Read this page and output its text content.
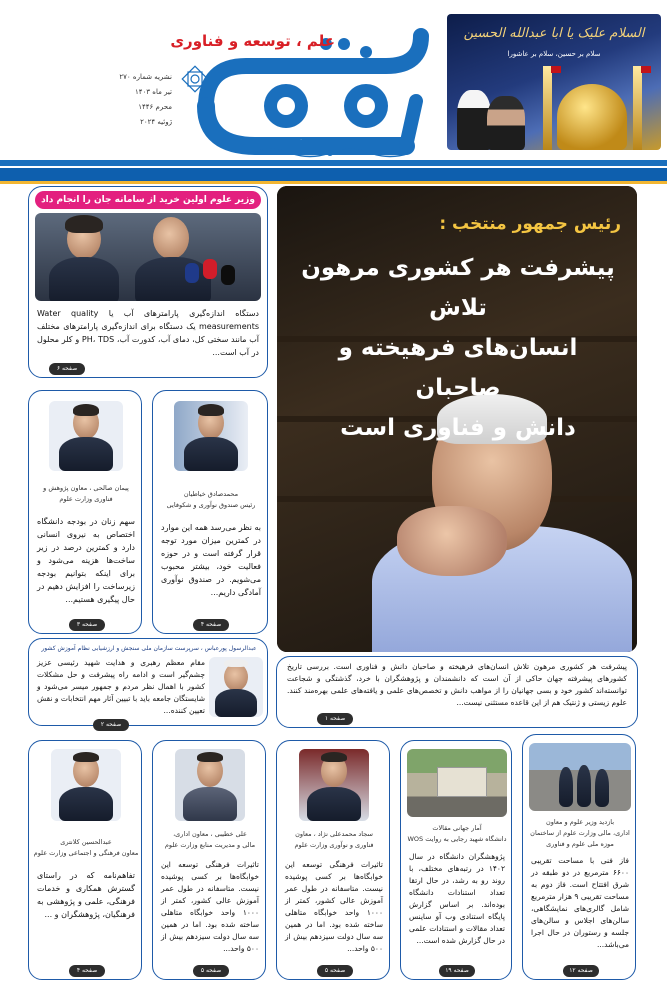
السلام علیک یا ابا عبدالله الحسین
سلام بر حسین، سلام بر عاشورا
عتف
علم ، توسعه و فناوری
نشریه شماره ۲۷۰
تیر ماه ۱۴۰۳
محرم ۱۴۴۶
ژوئیه ۲۰۲۴
وزیر علوم اولین خرید از سامانه جان را انجام داد
دستگاه اندازه‌گیری پارامترهای آب یا Water quality measurements یک دستگاه برای اندازه‌گیری پارامترهای مختلف آب مانند سختی کل، دمای آب، کدورت آب، PH، TDS و کلر محلول در آب است...
صفحه ۶
پیمان صالحی ، معاون پژوهش و
فناوری وزارت علوم
سهم زنان در بودجه دانشگاه اختصاص به نیروی انسانی دارد و کمترین درصد در زیر ساخت‌ها هزینه می‌شود و برای اینکه بتوانیم بودجه زیرساخت را افزایش دهیم در حال پیگیری هستیم...
صفحه ۳
محمدصادق خیاطیان
رئیس صندوق نوآوری و شکوفایی
به نظر می‌رسد همه این موارد در کمترین میزان مورد توجه قرار گرفته است و در حوزه فعالیت خود، بیشتر محبوب می‌شویم. در صندوق نوآوری آمادگی داریم...
صفحه ۴
عبدالرسول پورعباس ، سرپرست سازمان ملی سنجش و ارزشیابی نظام آموزش کشور
مقام معظم رهبری و هدایت شهید رئیسی عزیز چشم‌گیر است و ادامه راه پیشرفت و حل مشکلات کشور با اهمال نظر مردم و جمهور میسر می‌شود و شایستگان جامعه باید با تبیین آثار مهم انتخابات و نقش تعیین کننده...
صفحه ۲
رئیس جمهور منتخب :
پیشرفت هر کشوری مرهون تلاش
انسان‌های فرهیخته و صاحبان
دانش و فناوری است
پیشرفت هر کشوری مرهون تلاش انسان‌های فرهیخته و صاحبان دانش و فناوری است. بررسی تاریخ کشورهای پیشرفته جهان حاکی از آن است که دانشمندان و پژوهشگران با خرد، گذشتگی و شجاعت توانسته‌اند کشور خود و بسی جهانیان را از مواهب دانش و تخصص‌های علمی و یافته‌های علمی بهره‌مند کنند. علوم زیستی و ژنتیک هم از این قاعده مستثنی نیست...
صفحه ۱
عبدالحسین کلانتری
معاون فرهنگی و اجتماعی وزارت علوم
تفاهم‌نامه که در راستای گسترش همکاری و خدمات فرهنگی، علمی و پژوهشی به فرهنگیان، پژوهشگران و ...
صفحه ۴
علی خطیبی ، معاون اداری،
مالی و مدیریت منابع وزارت علوم
تاثیرات فرهنگی توسعه این خوابگاه‌ها بر کسی پوشیده نیست. متاسفانه در طول عمر آموزش عالی کشور، کمتر از ۱۰۰۰ واحد خوابگاه متاهلی ساخته شده بود. اما در همین سه سال دولت سیزدهم بیش از ۵۰۰ واحد...
صفحه ۵
سجاد محمدعلی نژاد ، معاون
فناوری و نوآوری وزارت علوم
تاثیرات فرهنگی توسعه این خوابگاه‌ها بر کسی پوشیده نیست. متاسفانه در طول عمر آموزش عالی کشور، کمتر از ۱۰۰۰ واحد خوابگاه متاهلی ساخته شده بود. اما در همین سه سال دولت سیزدهم بیش از ۵۰۰ واحد...
صفحه ۵
آمار جهانی مقالات
دانشگاه شهید رجایی به روایت WOS
پژوهشگران دانشگاه در سال ۱۴۰۲ در رتبه‌های مختلف، با روند رو به رشد، در حال ارتقا تعداد استنادات دانشگاه بوده‌اند. بر اساس گزارش پایگاه استنادی وب آو ساینس تعداد مقالات و استنادات علمی در حال گزارش شده است...
صفحه ۱۹
بازدید وزیر علوم و معاون
اداری، مالی وزارت علوم از ساختمان موزه ملی علوم و فناوری
فاز فنی با مساحت تقریبی ۶۶۰۰ مترمربع در دو طبقه در شرق افتتاح است. فاز دوم به مساحت تقریبی ۹ هزار مترمربع شامل گالری‌های نمایشگاهی، سالن‌های اجلاس و سالن‌های جلسه و رستوران در حال اجرا می‌باشد...
صفحه ۱۲
